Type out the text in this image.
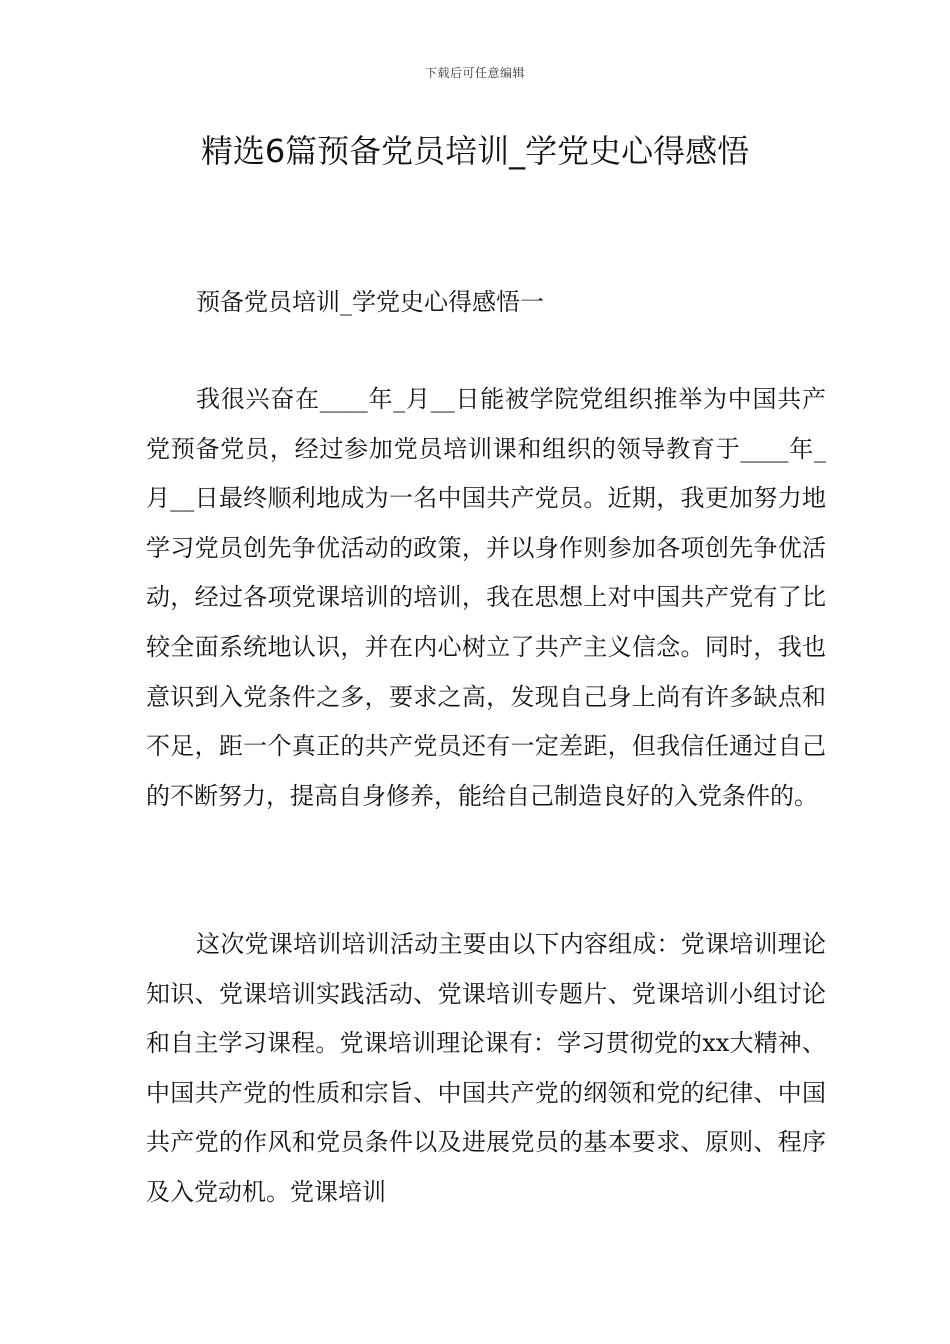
下载后可任意编辑
精选6篇预备党员培训_学党史心得感悟
预备党员培训_学党史心得感悟一

我很兴奋在____年_月__日能被学院党组织推举为中国共产党预备党员，经过参加党员培训课和组织的领导教育于____年_月__日最终顺利地成为一名中国共产党员。近期，我更加努力地学习党员创先争优活动的政策，并以身作则参加各项创先争优活动，经过各项党课培训的培训，我在思想上对中国共产党有了比较全面系统地认识，并在内心树立了共产主义信念。同时，我也意识到入党条件之多，要求之高，发现自己身上尚有许多缺点和不足，距一个真正的共产党员还有一定差距，但我信任通过自己的不断努力，提高自身修养，能给自己制造良好的入党条件的。

这次党课培训培训活动主要由以下内容组成：党课培训理论知识、党课培训实践活动、党课培训专题片、党课培训小组讨论和自主学习课程。党课培训理论课有：学习贯彻党的xx大精神、中国共产党的性质和宗旨、中国共产党的纲领和党的纪律、中国共产党的作风和党员条件以及进展党员的基本要求、原则、程序及入党动机。党课培训
